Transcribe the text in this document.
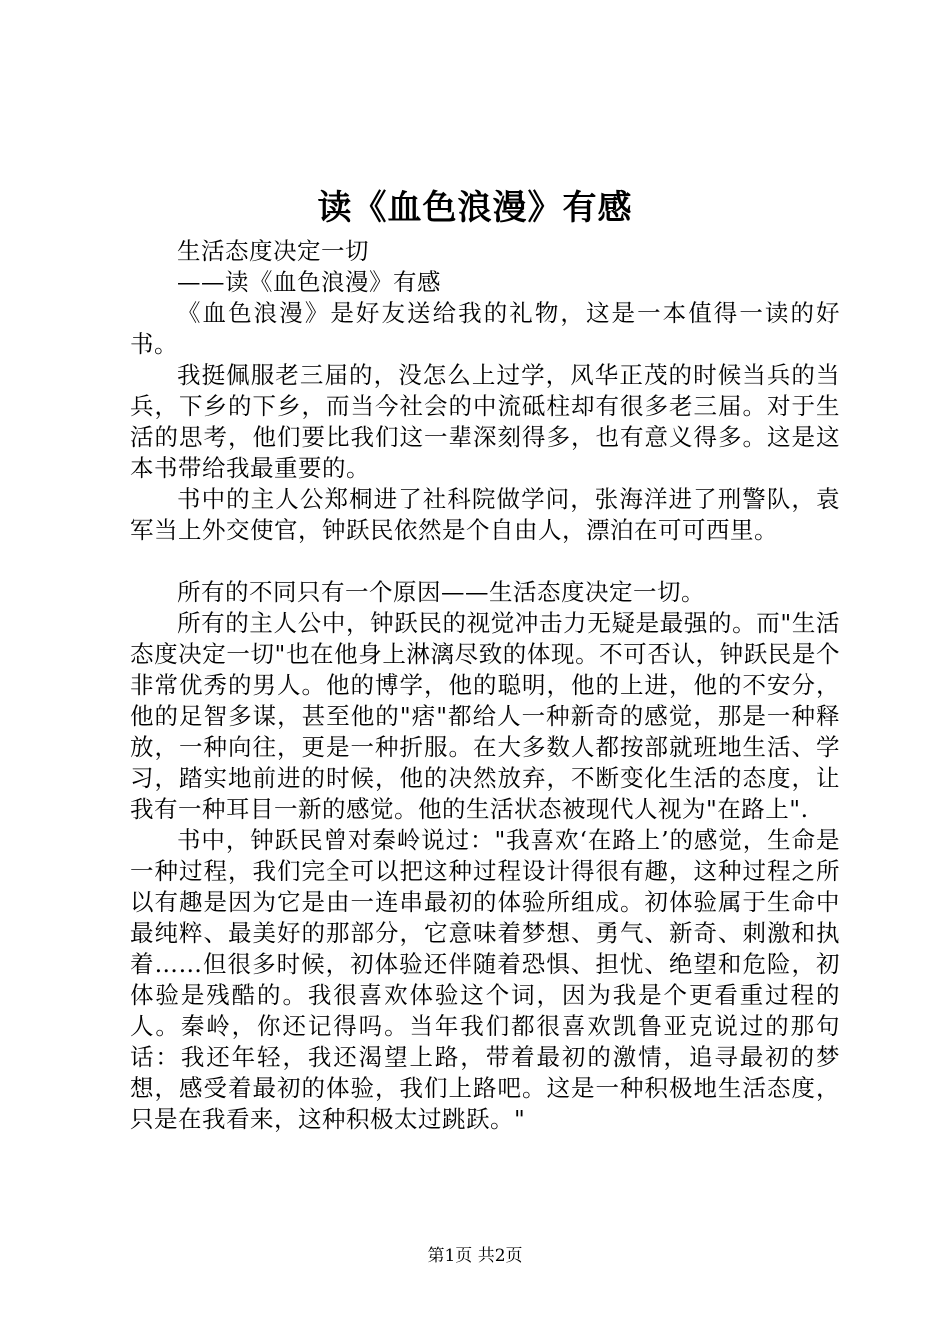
读《血色浪漫》有感

生活态度决定一切

——读《血色浪漫》有感

《血色浪漫》是好友送给我的礼物，这是一本值得一读的好书。

我挺佩服老三届的，没怎么上过学，风华正茂的时候当兵的当兵，下乡的下乡，而当今社会的中流砥柱却有很多老三届。对于生活的思考，他们要比我们这一辈深刻得多，也有意义得多。这是这本书带给我最重要的。

书中的主人公郑桐进了社科院做学问，张海洋进了刑警队，袁军当上外交使官，钟跃民依然是个自由人，漂泊在可可西里。

所有的不同只有一个原因——生活态度决定一切。

所有的主人公中，钟跃民的视觉冲击力无疑是最强的。而"生活态度决定一切"也在他身上淋漓尽致的体现。不可否认，钟跃民是个非常优秀的男人。他的博学，他的聪明，他的上进，他的不安分，他的足智多谋，甚至他的"痞"都给人一种新奇的感觉，那是一种释放，一种向往，更是一种折服。在大多数人都按部就班地生活、学习，踏实地前进的时候，他的决然放弃，不断变化生活的态度，让我有一种耳目一新的感觉。他的生活状态被现代人视为"在路上".

书中，钟跃民曾对秦岭说过："我喜欢‘在路上’的感觉，生命是一种过程，我们完全可以把这种过程设计得很有趣，这种过程之所以有趣是因为它是由一连串最初的体验所组成。初体验属于生命中最纯粹、最美好的那部分，它意味着梦想、勇气、新奇、刺激和执着……但很多时候，初体验还伴随着恐惧、担忧、绝望和危险，初体验是残酷的。我很喜欢体验这个词，因为我是个更看重过程的人。秦岭，你还记得吗。当年我们都很喜欢凯鲁亚克说过的那句话：我还年轻，我还渴望上路，带着最初的激情，追寻最初的梦想，感受着最初的体验，我们上路吧。这是一种积极地生活态度，只是在我看来，这种积极太过跳跃。"

第1页 共2页
